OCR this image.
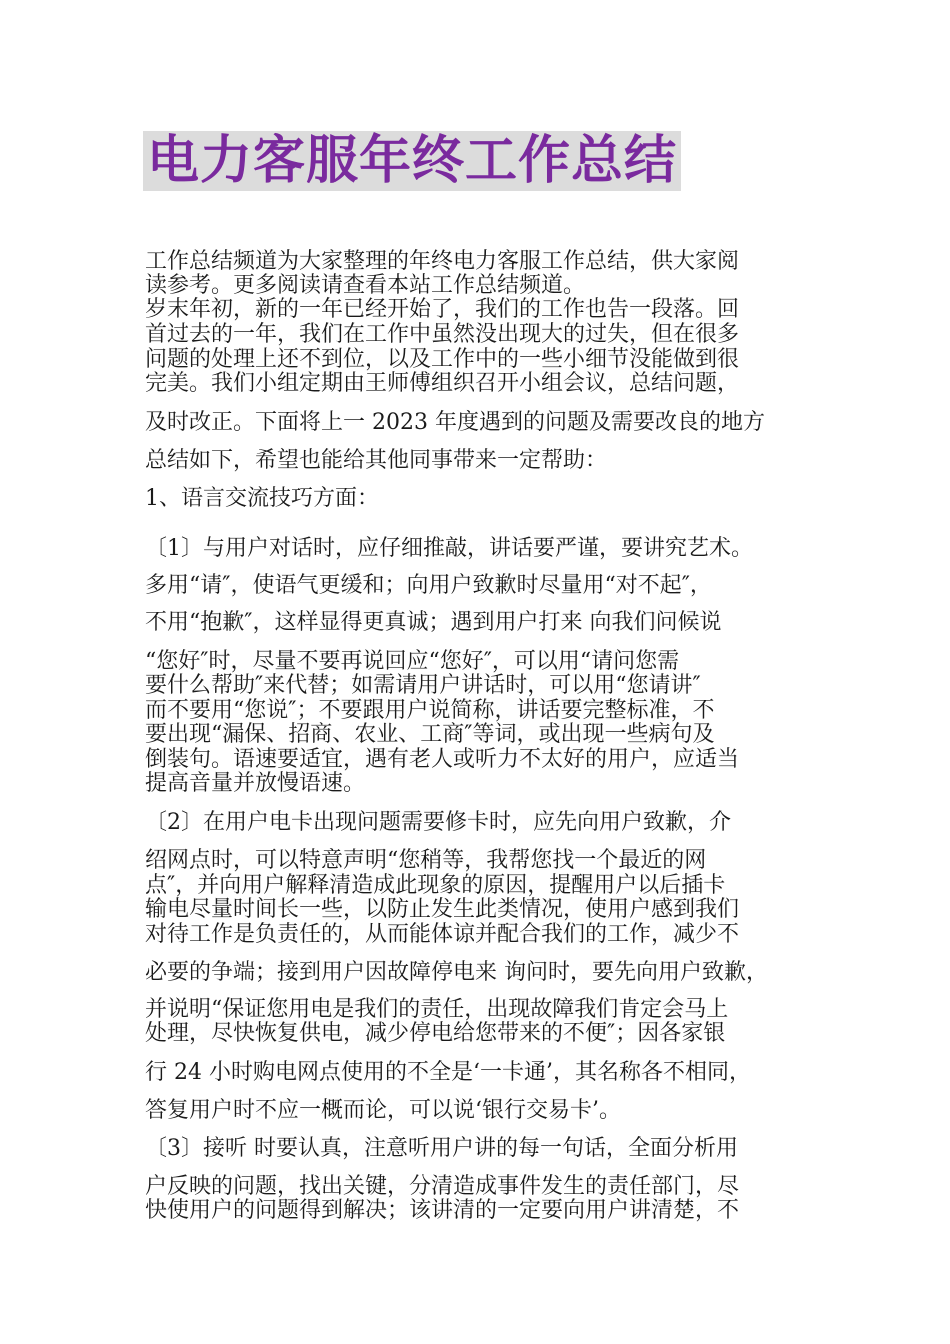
电力客服年终工作总结
工作总结频道为大家整理的年终电力客服工作总结，供大家阅
读参考。更多阅读请查看本站工作总结频道。
岁末年初，新的一年已经开始了，我们的工作也告一段落。回
首过去的一年，我们在工作中虽然没出现大的过失，但在很多
问题的处理上还不到位，以及工作中的一些小细节没能做到很
完美。我们小组定期由王师傅组织召开小组会议，总结问题，
及时改正。下面将上一 2023 年度遇到的问题及需要改良的地方
总结如下，希望也能给其他同事带来一定帮助：
1、语言交流技巧方面：
〔1〕与用户对话时，应仔细推敲，讲话要严谨，要讲究艺术。
多用“请″，使语气更缓和；向用户致歉时尽量用“对不起″，
不用“抱歉″，这样显得更真诚；遇到用户打来 向我们问候说
“您好″时，尽量不要再说回应“您好″，可以用“请问您需
要什么帮助″来代替；如需请用户讲话时，可以用“您请讲″
而不要用“您说″；不要跟用户说简称，讲话要完整标准，不
要出现“漏保、招商、农业、工商″等词，或出现一些病句及
倒装句。语速要适宜，遇有老人或听力不太好的用户，应适当
提高音量并放慢语速。
〔2〕在用户电卡出现问题需要修卡时，应先向用户致歉，介
绍网点时，可以特意声明“您稍等，我帮您找一个最近的网
点″，并向用户解释清造成此现象的原因，提醒用户以后插卡
输电尽量时间长一些，以防止发生此类情况，使用户感到我们
对待工作是负责任的，从而能体谅并配合我们的工作，减少不
必要的争端；接到用户因故障停电来 询问时，要先向用户致歉，
并说明“保证您用电是我们的责任，出现故障我们肯定会马上
处理，尽快恢复供电，减少停电给您带来的不便″；因各家银
行 24 小时购电网点使用的不全是‘一卡通’，其名称各不相同，
答复用户时不应一概而论，可以说‘银行交易卡’。
〔3〕接听 时要认真，注意听用户讲的每一句话，全面分析用
户反映的问题，找出关键，分清造成事件发生的责任部门，尽
快使用户的问题得到解决；该讲清的一定要向用户讲清楚，不
